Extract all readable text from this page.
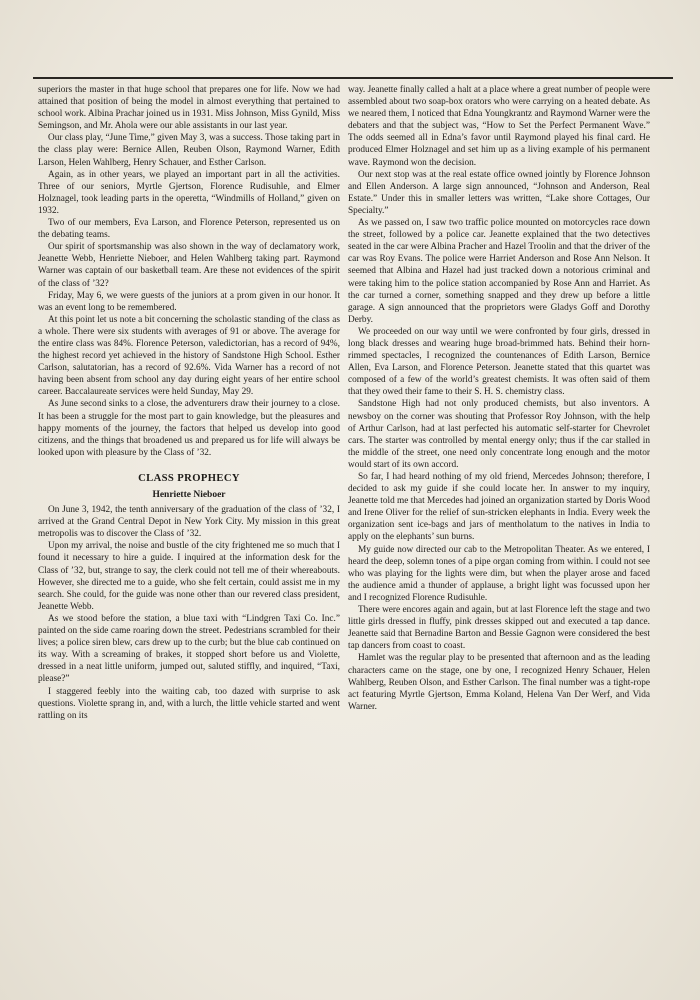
superiors the master in that huge school that prepares one for life. Now we had attained that position of being the model in almost everything that pertained to school work. Albina Prachar joined us in 1931. Miss Johnson, Miss Gynild, Miss Semingson, and Mr. Ahola were our able assistants in our last year.

Our class play, “June Time,” given May 3, was a success. Those taking part in the class play were: Bernice Allen, Reuben Olson, Raymond Warner, Edith Larson, Helen Wahlberg, Henry Schauer, and Esther Carlson.

Again, as in other years, we played an important part in all the activities. Three of our seniors, Myrtle Gjertson, Florence Rudisuhle, and Elmer Holznagel, took leading parts in the operetta, “Windmills of Holland,” given on 1932.

Two of our members, Eva Larson, and Florence Peterson, represented us on the debating teams.

Our spirit of sportsmanship was also shown in the way of declamatory work, Jeanette Webb, Henriette Nieboer, and Helen Wahlberg taking part. Raymond Warner was captain of our basketball team. Are these not evidences of the spirit of the class of ’32?

Friday, May 6, we were guests of the juniors at a prom given in our honor. It was an event long to be remembered.

At this point let us note a bit concerning the scholastic standing of the class as a whole. There were six students with averages of 91 or above. The average for the entire class was 84%. Florence Peterson, valedictorian, has a record of 94%, the highest record yet achieved in the history of Sandstone High School. Esther Carlson, salutatorian, has a record of 92.6%. Vida Warner has a record of not having been absent from school any day during eight years of her entire school career. Baccalaureate services were held Sunday, May 29.

As June second sinks to a close, the adventurers draw their journey to a close. It has been a struggle for the most part to gain knowledge, but the pleasures and happy moments of the journey, the factors that helped us develop into good citizens, and the things that broadened us and prepared us for life will always be looked upon with pleasure by the Class of ’32.

CLASS PROPHECY
Henriette Nieboer

On June 3, 1942, the tenth anniversary of the graduation of the class of ’32, I arrived at the Grand Central Depot in New York City. My mission in this great metropolis was to discover the Class of ’32.

Upon my arrival, the noise and bustle of the city frightened me so much that I found it necessary to hire a guide. I inquired at the information desk for the Class of ’32, but, strange to say, the clerk could not tell me of their whereabouts. However, she directed me to a guide, who she felt certain, could assist me in my search. She could, for the guide was none other than our revered class president, Jeanette Webb.

As we stood before the station, a blue taxi with “Lindgren Taxi Co. Inc.” painted on the side came roaring down the street. Pedestrians scrambled for their lives; a police siren blew, cars drew up to the curb; but the blue cab continued on its way. With a screaming of brakes, it stopped short before us and Violette, dressed in a neat little uniform, jumped out, saluted stiffly, and inquired, “Taxi, please?”

I staggered feebly into the waiting cab, too dazed with surprise to ask questions. Violette sprang in, and, with a lurch, the little vehicle started and went rattling on its

way. Jeanette finally called a halt at a place where a great number of people were assembled about two soap-box orators who were carrying on a heated debate. As we neared them, I noticed that Edna Youngkrantz and Raymond Warner were the debaters and that the subject was, “How to Set the Perfect Permanent Wave.” The odds seemed all in Edna’s favor until Raymond played his final card. He produced Elmer Holznagel and set him up as a living example of his permanent wave. Raymond won the decision.

Our next stop was at the real estate office owned jointly by Florence Johnson and Ellen Anderson. A large sign announced, “Johnson and Anderson, Real Estate.” Under this in smaller letters was written, “Lake shore Cottages, Our Specialty.”

As we passed on, I saw two traffic police mounted on motorcycles race down the street, followed by a police car. Jeanette explained that the two detectives seated in the car were Albina Pracher and Hazel Troolin and that the driver of the car was Roy Evans. The police were Harriet Anderson and Rose Ann Nelson. It seemed that Albina and Hazel had just tracked down a notorious criminal and were taking him to the police station accompanied by Rose Ann and Harriet. As the car turned a corner, something snapped and they drew up before a little garage. A sign announced that the proprietors were Gladys Goff and Dorothy Derby.

We proceeded on our way until we were confronted by four girls, dressed in long black dresses and wearing huge broad-brimmed hats. Behind their horn-rimmed spectacles, I recognized the countenances of Edith Larson, Bernice Allen, Eva Larson, and Florence Peterson. Jeanette stated that this quartet was composed of a few of the world’s greatest chemists. It was often said of them that they owed their fame to their S. H. S. chemistry class.

Sandstone High had not only produced chemists, but also inventors. A newsboy on the corner was shouting that Professor Roy Johnson, with the help of Arthur Carlson, had at last perfected his automatic self-starter for Chevrolet cars. The starter was controlled by mental energy only; thus if the car stalled in the middle of the street, one need only concentrate long enough and the motor would start of its own accord.

So far, I had heard nothing of my old friend, Mercedes Johnson; therefore, I decided to ask my guide if she could locate her. In answer to my inquiry, Jeanette told me that Mercedes had joined an organization started by Doris Wood and Irene Oliver for the relief of sun-stricken elephants in India. Every week the organization sent ice-bags and jars of mentholatum to the natives in India to apply on the elephants’ sun burns.

My guide now directed our cab to the Metropolitan Theater. As we entered, I heard the deep, solemn tones of a pipe organ coming from within. I could not see who was playing for the lights were dim, but when the player arose and faced the audience amid a thunder of applause, a bright light was focussed upon her and I recognized Florence Rudisuhle.

There were encores again and again, but at last Florence left the stage and two little girls dressed in fluffy, pink dresses skipped out and executed a tap dance. Jeanette said that Bernadine Barton and Bessie Gagnon were considered the best tap dancers from coast to coast.

Hamlet was the regular play to be presented that afternoon and as the leading characters came on the stage, one by one, I recognized Henry Schauer, Helen Wahlberg, Reuben Olson, and Esther Carlson. The final number was a tight-rope act featuring Myrtle Gjertson, Emma Koland, Helena Van Der Werf, and Vida Warner.
